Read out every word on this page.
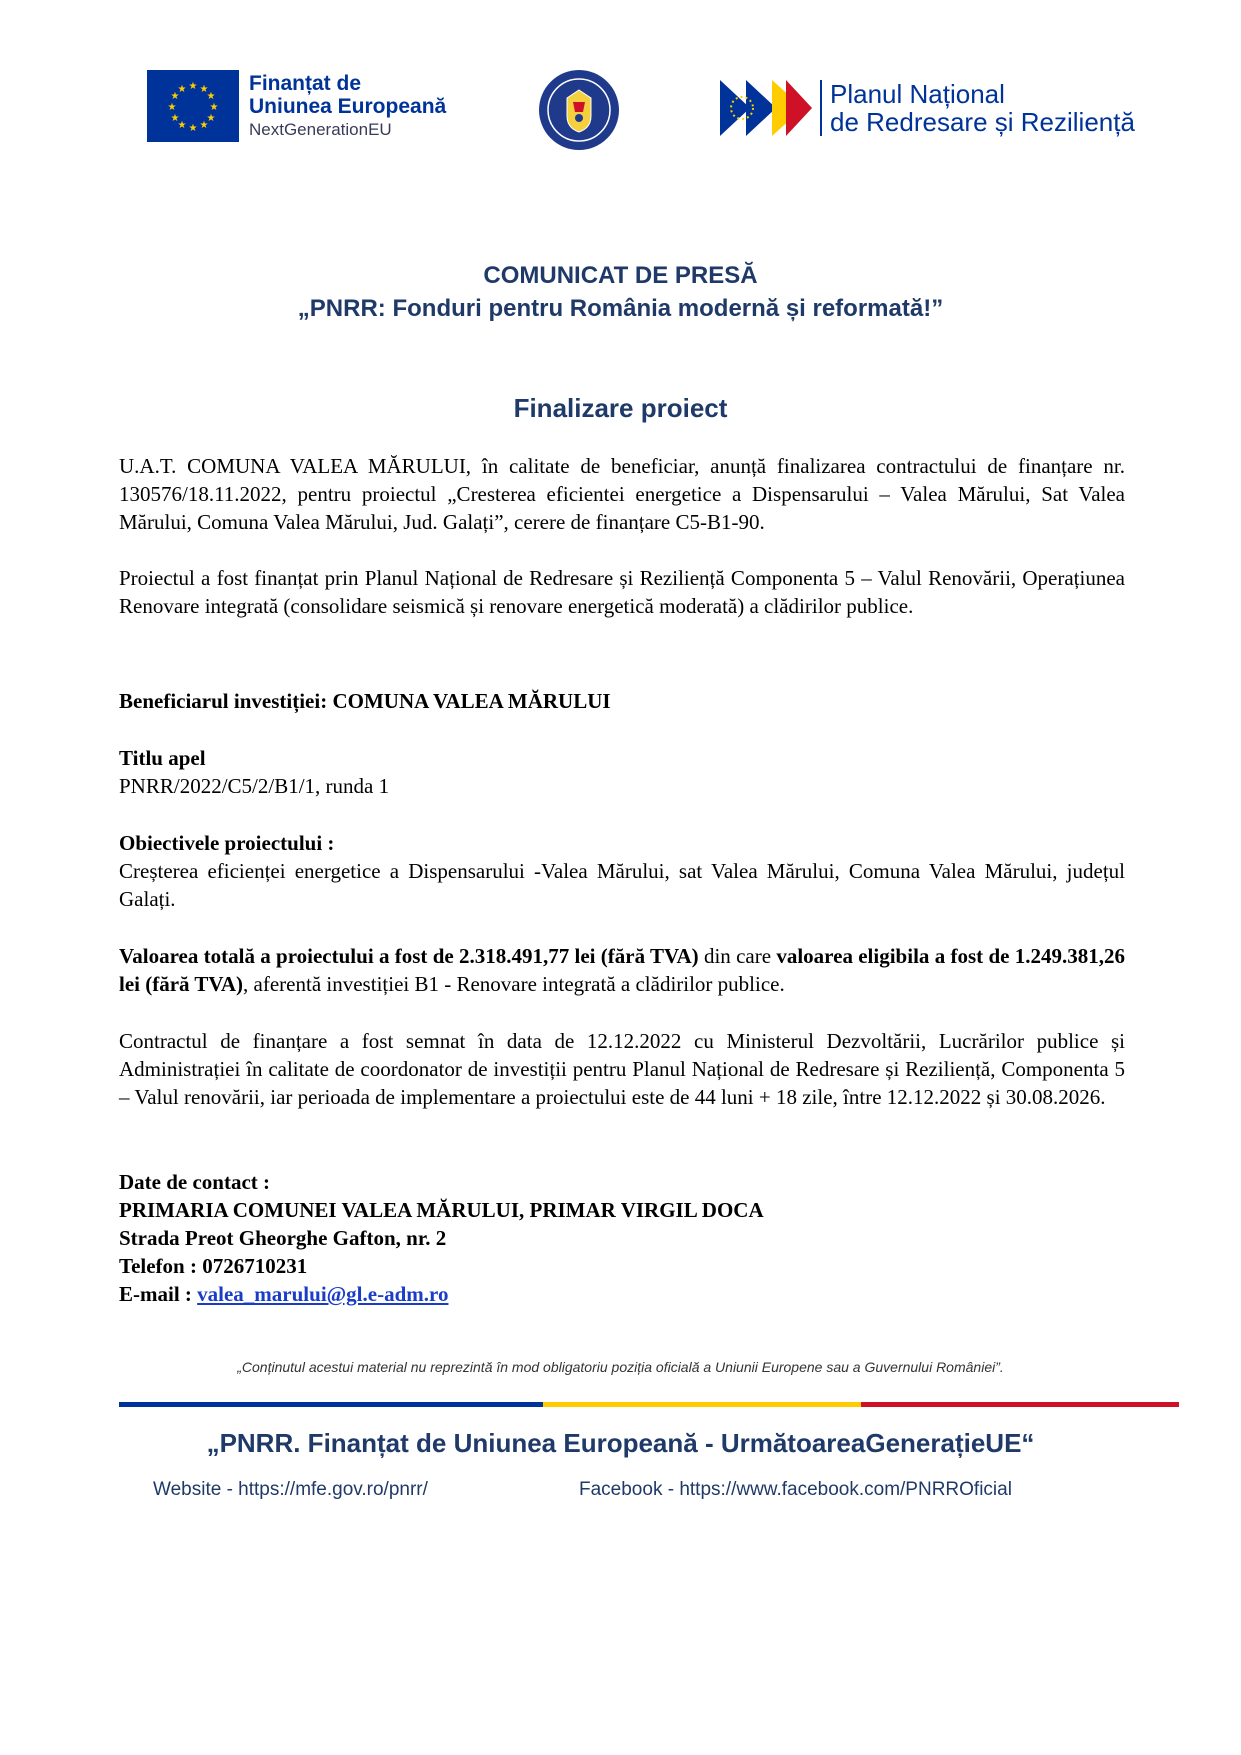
★ ★
★
★
★
★
★
★
★
★
★
★	Finanțat de
Uniunea Europeană
NextGenerationEU
Planul Național
de Redresare și Reziliență
COMUNICAT DE PRESĂ
„PNRR: Fonduri pentru România modernă și reformată!”
Finalizare proiect
U.A.T. COMUNA VALEA MĂRULUI, în calitate de beneficiar, anunță finalizarea contractului de finanțare nr. 130576/18.11.2022, pentru proiectul „Cresterea eficientei energetice a Dispensarului – Valea Mărului, Sat Valea Mărului, Comuna Valea Mărului, Jud. Galați”, cerere de finanțare C5-B1-90.
Proiectul a fost finanțat prin Planul Național de Redresare și Reziliență Componenta 5 – Valul Renovării, Operațiunea Renovare integrată (consolidare seismică și renovare energetică moderată) a clădirilor publice.
Beneficiarul investiției: COMUNA VALEA MĂRULUI
Titlu apel
PNRR/2022/C5/2/B1/1, runda 1
Obiectivele proiectului :
Creșterea eficienței energetice a Dispensarului -Valea Mărului, sat Valea Mărului, Comuna Valea Mărului, județul Galați.
Valoarea totală a proiectului a fost de 2.318.491,77 lei (fără TVA) din care valoarea eligibila a fost de 1.249.381,26 lei (fără TVA), aferentă investiției B1 - Renovare integrată a clădirilor publice.
Contractul de finanțare a fost semnat în data de 12.12.2022 cu Ministerul Dezvoltării, Lucrărilor publice și Administrației în calitate de coordonator de investiții pentru Planul Național de Redresare și Reziliență, Componenta 5 – Valul renovării, iar perioada de implementare a proiectului este de 44 luni + 18 zile, între 12.12.2022 și 30.08.2026.
Date de contact :
PRIMARIA COMUNEI VALEA MĂRULUI, PRIMAR VIRGIL DOCA
Strada Preot Gheorghe Gafton, nr. 2
Telefon : 0726710231
E-mail : valea_marului@gl.e-adm.ro
„Conținutul acestui material nu reprezintă în mod obligatoriu poziția oficială a Uniunii Europene sau a Guvernului României”.
„PNRR. Finanțat de Uniunea Europeană - UrmătoareaGenerațieUE“
Website - https://mfe.gov.ro/pnrr/	Facebook - https://www.facebook.com/PNRROficial
